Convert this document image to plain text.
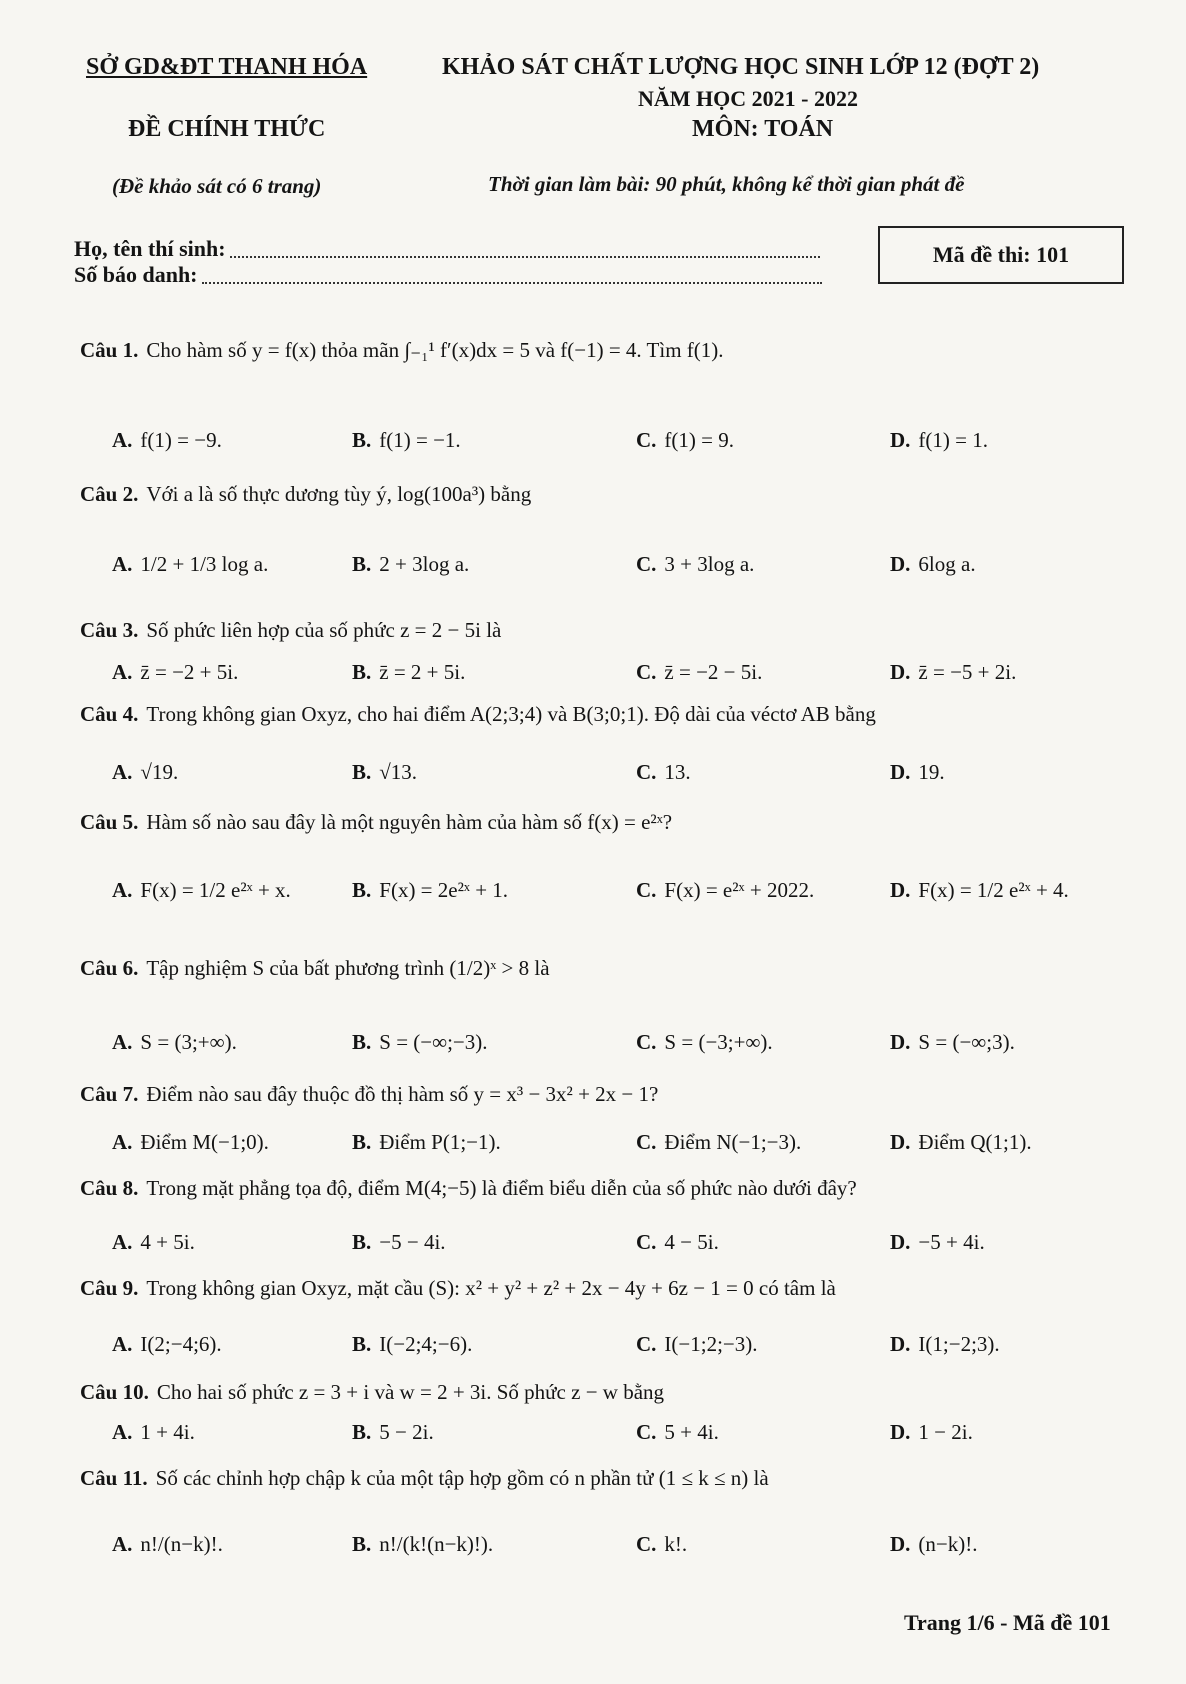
SỞ GD&ĐT THANH HÓA	KHẢO SÁT CHẤT LƯỢNG HỌC SINH LỚP 12 (ĐỢT 2)
NĂM HỌC 2021 - 2022
ĐỀ CHÍNH THỨC	MÔN: TOÁN
(Đề khảo sát có 6 trang)	Thời gian làm bài: 90 phút, không kể thời gian phát đề
Họ, tên thí sinh:
Số báo danh:
Mã đề thi: 101
Câu 1. Cho hàm số y = f(x) thỏa mãn ∫₋₁¹ f′(x)dx = 5 và f(−1) = 4. Tìm f(1).
A. f(1) = −9.	B. f(1) = −1.	C. f(1) = 9.	D. f(1) = 1.
Câu 2. Với a là số thực dương tùy ý, log(100a³) bằng
A. 1/2 + 1/3 log a.	B. 2 + 3log a.	C. 3 + 3log a.	D. 6log a.
Câu 3. Số phức liên hợp của số phức z = 2 − 5i là
A. z̄ = −2 + 5i.	B. z̄ = 2 + 5i.	C. z̄ = −2 − 5i.	D. z̄ = −5 + 2i.
Câu 4. Trong không gian Oxyz, cho hai điểm A(2;3;4) và B(3;0;1). Độ dài của véctơ AB bằng
A. √19.	B. √13.	C. 13.	D. 19.
Câu 5. Hàm số nào sau đây là một nguyên hàm của hàm số f(x) = e²ˣ?
A. F(x) = 1/2 e²ˣ + x.	B. F(x) = 2e²ˣ + 1.	C. F(x) = e²ˣ + 2022.	D. F(x) = 1/2 e²ˣ + 4.
Câu 6. Tập nghiệm S của bất phương trình (1/2)ˣ > 8 là
A. S = (3;+∞).	B. S = (−∞;−3).	C. S = (−3;+∞).	D. S = (−∞;3).
Câu 7. Điểm nào sau đây thuộc đồ thị hàm số y = x³ − 3x² + 2x − 1?
A. Điểm M(−1;0).	B. Điểm P(1;−1).	C. Điểm N(−1;−3).	D. Điểm Q(1;1).
Câu 8. Trong mặt phẳng tọa độ, điểm M(4;−5) là điểm biểu diễn của số phức nào dưới đây?
A. 4 + 5i.	B. −5 − 4i.	C. 4 − 5i.	D. −5 + 4i.
Câu 9. Trong không gian Oxyz, mặt cầu (S): x² + y² + z² + 2x − 4y + 6z − 1 = 0 có tâm là
A. I(2;−4;6).	B. I(−2;4;−6).	C. I(−1;2;−3).	D. I(1;−2;3).
Câu 10. Cho hai số phức z = 3 + i và w = 2 + 3i. Số phức z − w bằng
A. 1 + 4i.	B. 5 − 2i.	C. 5 + 4i.	D. 1 − 2i.
Câu 11. Số các chỉnh hợp chập k của một tập hợp gồm có n phần tử (1 ≤ k ≤ n) là
A. n!/(n−k)!.	B. n!/(k!(n−k)!).	C. k!.	D. (n−k)!.
Trang 1/6 - Mã đề 101
